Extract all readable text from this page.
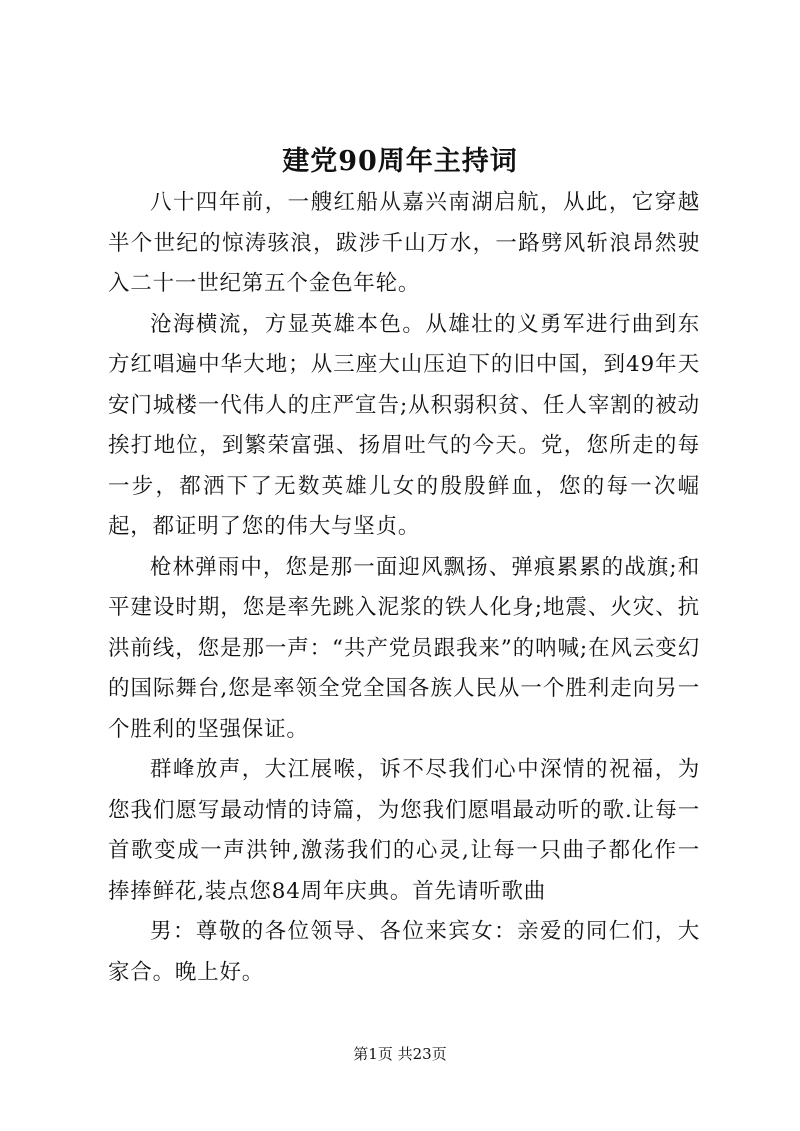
建党90周年主持词

八十四年前，一艘红船从嘉兴南湖启航，从此，它穿越半个世纪的惊涛骇浪，跋涉千山万水，一路劈风斩浪昂然驶入二十一世纪第五个金色年轮。

沧海横流，方显英雄本色。从雄壮的义勇军进行曲到东方红唱遍中华大地；从三座大山压迫下的旧中国，到49年天安门城楼一代伟人的庄严宣告;从积弱积贫、任人宰割的被动挨打地位，到繁荣富强、扬眉吐气的今天。党，您所走的每一步，都洒下了无数英雄儿女的殷殷鲜血，您的每一次崛起，都证明了您的伟大与坚贞。

枪林弹雨中，您是那一面迎风飘扬、弹痕累累的战旗;和平建设时期，您是率先跳入泥浆的铁人化身;地震、火灾、抗洪前线，您是那一声：“共产党员跟我来”的呐喊;在风云变幻的国际舞台,您是率领全党全国各族人民从一个胜利走向另一个胜利的坚强保证。

群峰放声，大江展喉，诉不尽我们心中深情的祝福，为您我们愿写最动情的诗篇，为您我们愿唱最动听的歌.让每一首歌变成一声洪钟,激荡我们的心灵,让每一只曲子都化作一捧捧鲜花,装点您84周年庆典。首先请听歌曲

男：尊敬的各位领导、各位来宾女：亲爱的同仁们，大家合。晚上好。

第1页 共23页
